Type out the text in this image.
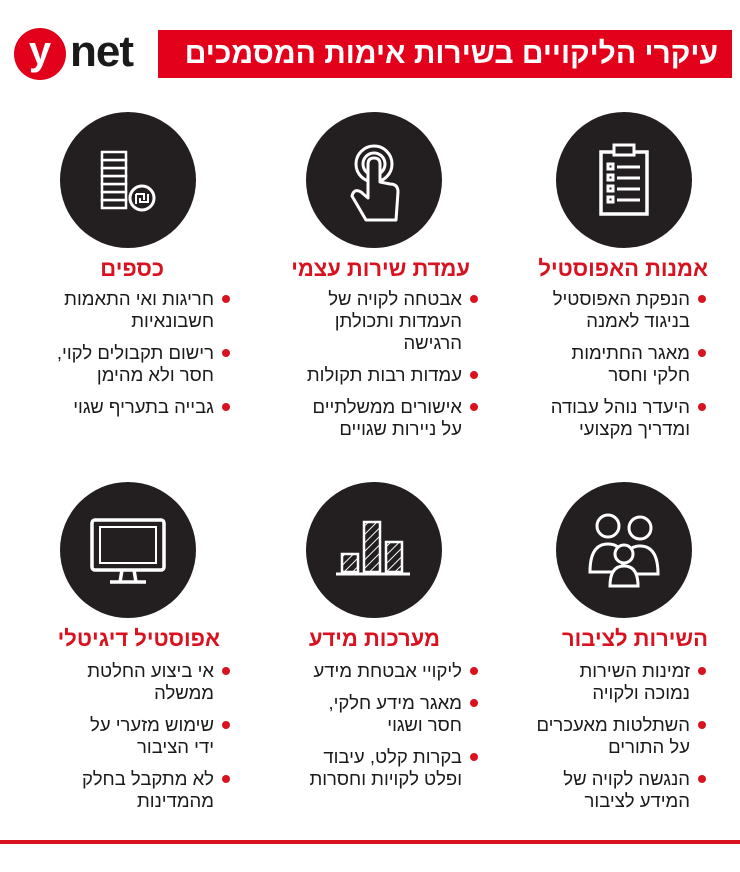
y net עיקרי הליקויים בשירות אימות המסמכים
אמנות האפוסטיל
הנפקת האפוסטיל
בניגוד לאמנה
מאגר החתימות
חלקי וחסר
היעדר נוהל עבודה
ומדריך מקצועי
עמדת שירות עצמי
אבטחה לקויה של
העמדות ותכולתן
הרגישה
עמדות רבות תקולות
אישורים ממשלתיים
על ניירות שגויים
כספים
חריגות ואי התאמות
חשבונאיות
רישום תקבולים לקוי,
חסר ולא מהימן
גבייה בתעריף שגוי
השירות לציבור
זמינות השירות
נמוכה ולקויה
השתלטות מאעכרים
על התורים
הנגשה לקויה של
המידע לציבור
מערכות מידע
ליקויי אבטחת מידע
מאגר מידע חלקי,
חסר ושגוי
בקרות קלט, עיבוד
ופלט לקויות וחסרות
אפוסטיל דיגיטלי
אי ביצוע החלטת
ממשלה
שימוש מזערי על
ידי הציבור
לא מתקבל בחלק
מהמדינות
